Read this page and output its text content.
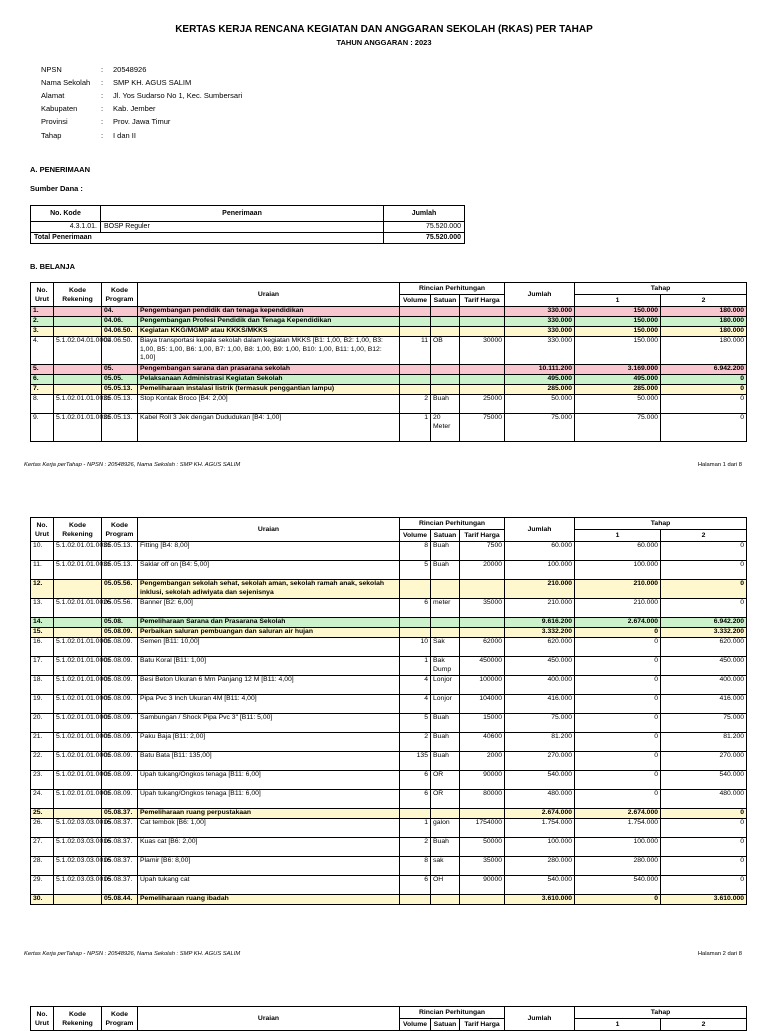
KERTAS KERJA RENCANA KEGIATAN DAN ANGGARAN SEKOLAH (RKAS) PER TAHAP
TAHUN ANGGARAN : 2023
NPSN	:	20548926
Nama Sekolah	:	SMP KH. AGUS SALIM
Alamat	:	Jl. Yos Sudarso No 1, Kec. Sumbersari
Kabupaten	:	Kab. Jember
Provinsi	:	Prov. Jawa Timur
Tahap	:	I dan II
A. PENERIMAAN
Sumber Dana :
No. Kode	Penerimaan	Jumlah
4.3.1.01.	BOSP Reguler	75.520.000
Total Penerimaan		75.520.000
B. BELANJA
No. Urut	Kode Rekening	Kode Program	Uraian	Rincian Perhitungan			Jumlah	Tahap	
				Volume	Satuan	Tarif Harga		1	2
1.		04.	Pengembangan pendidik dan tenaga kependidikan				330.000	150.000	180.000
2.		04.06.	Pengembangan Profesi Pendidik dan Tenaga Kependidikan				330.000	150.000	180.000
3.		04.06.50.	Kegiatan KKG/MGMP atau KKKS/MKKS				330.000	150.000	180.000
4.	5.1.02.04.01.0001	04.06.50.	Biaya transportasi kepala sekolah dalam kegiatan MKKS [B1: 1,00, B2: 1,00, B3: 1,00, B5: 1,00, B6: 1,00, B7: 1,00, B8: 1,00, B9: 1,00, B10: 1,00, B11: 1,00, B12: 1,00]	11	OB	30000	330.000	150.000	180.000
5.		05.	Pengembangan sarana dan prasarana sekolah				10.111.200	3.169.000	6.942.200
6.		05.05.	Pelaksanaan Administrasi Kegiatan Sekolah				495.000	495.000	0
7.		05.05.13.	Pemeliharaan instalasi listrik (termasuk penggantian lampu)				285.000	285.000	0
8.	5.1.02.01.01.0031	05.05.13.	Stop Kontak Broco [B4: 2,00]	2	Buah	25000	50.000	50.000	0
9.	5.1.02.01.01.0031	05.05.13.	Kabel Roll 3 Jek dengan Dududukan [B4: 1,00]	1	20 Meter	75000	75.000	75.000	0
Kertas Kerja perTahap - NPSN : 20548926, Nama Sekolah : SMP KH. AGUS SALIM	Halaman 1 dari 8
No. Urut	Kode Rekening	Kode Program	Uraian	Rincian Perhitungan			Jumlah	Tahap	
				Volume	Satuan	Tarif Harga		1	2
10.	5.1.02.01.01.0031	05.05.13.	Fitting [B4: 8,00]	8	Buah	7500	60.000	60.000	0
11.	5.1.02.01.01.0031	05.05.13.	Saklar off on [B4: 5,00]	5	Buah	20000	100.000	100.000	0
12.		05.05.56.	Pengembangan sekolah sehat, sekolah aman, sekolah ramah anak, sekolah inklusi, sekolah adiwiyata dan sejenisnya				210.000	210.000	0
13.	5.1.02.01.01.0026	05.05.56.	Banner [B2: 6,00]	6	meter	35000	210.000	210.000	0
14.		05.08.	Pemeliharaan Sarana dan Prasarana Sekolah				9.616.200	2.674.000	6.942.200
15.		05.08.09.	Perbaikan saluran pembuangan dan saluran air hujan				3.332.200	0	3.332.200
16.	5.1.02.01.01.0001	05.08.09.	Semen [B11: 10,00]	10	Sak	62000	620.000	0	620.000
17.	5.1.02.01.01.0001	05.08.09.	Batu Koral [B11: 1,00]	1	Bak Dump	450000	450.000	0	450.000
18.	5.1.02.01.01.0001	05.08.09.	Besi Beton Ukuran 6 Mm Panjang 12 M [B11: 4,00]	4	Lonjor	100000	400.000	0	400.000
19.	5.1.02.01.01.0001	05.08.09.	Pipa Pvc 3 Inch Ukuran 4M [B11: 4,00]	4	Lonjor	104000	416.000	0	416.000
20.	5.1.02.01.01.0001	05.08.09.	Sambungan / Shock Pipa Pvc 3" [B11: 5,00]	5	Buah	15000	75.000	0	75.000
21.	5.1.02.01.01.0001	05.08.09.	Paku Baja [B11: 2,00]	2	Buah	40600	81.200	0	81.200
22.	5.1.02.01.01.0001	05.08.09.	Batu Bata [B11: 135,00]	135	Buah	2000	270.000	0	270.000
23.	5.1.02.01.01.0001	05.08.09.	Upah tukang/Ongkos tenaga [B11: 6,00]	6	OR	90000	540.000	0	540.000
24.	5.1.02.01.01.0001	05.08.09.	Upah tukang/Ongkos tenaga [B11: 6,00]	6	OR	80000	480.000	0	480.000
25.		05.08.37.	Pemeliharaan ruang perpustakaan				2.674.000	2.674.000	0
26.	5.1.02.03.03.0016	05.08.37.	Cat tembok [B6: 1,00]	1	galon	1754000	1.754.000	1.754.000	0
27.	5.1.02.03.03.0016	05.08.37.	Kuas cat [B6: 2,00]	2	Buah	50000	100.000	100.000	0
28.	5.1.02.03.03.0016	05.08.37.	Plamir [B6: 8,00]	8	sak	35000	280.000	280.000	0
29.	5.1.02.03.03.0016	05.08.37.	Upah tukang cat	6	OH	90000	540.000	540.000	0
30.		05.08.44.	Pemeliharaan ruang ibadah				3.610.000	0	3.610.000
Kertas Kerja perTahap - NPSN : 20548926, Nama Sekolah : SMP KH. AGUS SALIM	Halaman 2 dari 8
No. Urut	Kode Rekening	Kode Program	Uraian	Rincian Perhitungan			Jumlah	Tahap	
				Volume	Satuan	Tarif Harga		1	2
